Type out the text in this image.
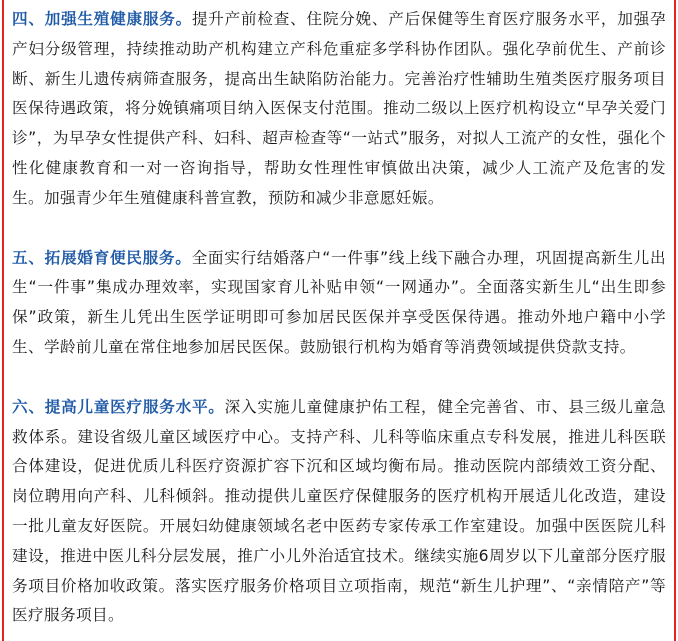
四、加强生殖健康服务。提升产前检查、住院分娩、产后保健等生育医疗服务水平，加强孕产妇分级管理，持续推动助产机构建立产科危重症多学科协作团队。强化孕前优生、产前诊断、新生儿遗传病筛查服务，提高出生缺陷防治能力。完善治疗性辅助生殖类医疗服务项目医保待遇政策，将分娩镇痛项目纳入医保支付范围。推动二级以上医疗机构设立“早孕关爱门诊”，为早孕女性提供产科、妇科、超声检查等“一站式”服务，对拟人工流产的女性，强化个性化健康教育和一对一咨询指导，帮助女性理性审慎做出决策，减少人工流产及危害的发生。加强青少年生殖健康科普宣教，预防和减少非意愿妊娠。

五、拓展婚育便民服务。全面实行结婚落户“一件事”线上线下融合办理，巩固提高新生儿出生“一件事”集成办理效率，实现国家育儿补贴申领“一网通办”。全面落实新生儿“出生即参保”政策，新生儿凭出生医学证明即可参加居民医保并享受医保待遇。推动外地户籍中小学生、学龄前儿童在常住地参加居民医保。鼓励银行机构为婚育等消费领域提供贷款支持。

六、提高儿童医疗服务水平。深入实施儿童健康护佑工程，健全完善省、市、县三级儿童急救体系。建设省级儿童区域医疗中心。支持产科、儿科等临床重点专科发展，推进儿科医联合体建设，促进优质儿科医疗资源扩容下沉和区域均衡布局。推动医院内部绩效工资分配、岗位聘用向产科、儿科倾斜。推动提供儿童医疗保健服务的医疗机构开展适儿化改造，建设一批儿童友好医院。开展妇幼健康领域名老中医药专家传承工作室建设。加强中医医院儿科建设，推进中医儿科分层发展，推广小儿外治适宜技术。继续实施6周岁以下儿童部分医疗服务项目价格加收政策。落实医疗服务价格项目立项指南，规范“新生儿护理”、“亲情陪产”等医疗服务项目。
